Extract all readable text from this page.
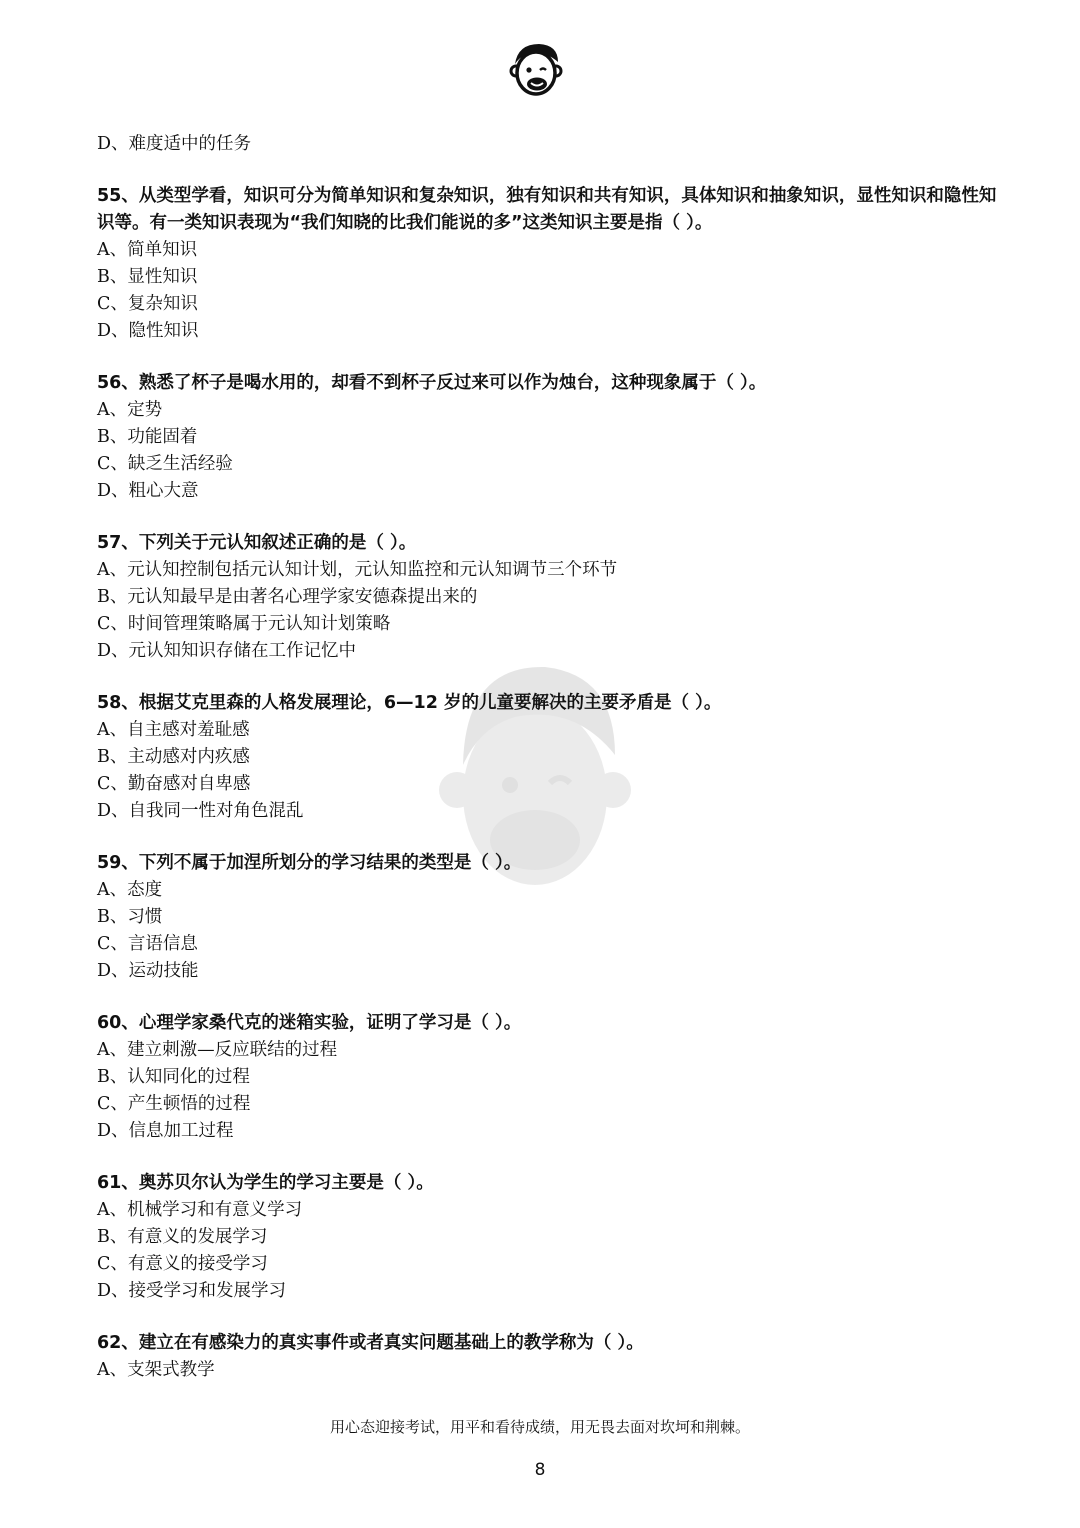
D、难度适中的任务
55、从类型学看，知识可分为简单知识和复杂知识，独有知识和共有知识，具体知识和抽象知识，显性知识和隐性知识等。有一类知识表现为“我们知晓的比我们能说的多”这类知识主要是指（ ）。
A、简单知识
B、显性知识
C、复杂知识
D、隐性知识
56、熟悉了杯子是喝水用的，却看不到杯子反过来可以作为烛台，这种现象属于（ ）。
A、定势
B、功能固着
C、缺乏生活经验
D、粗心大意
57、下列关于元认知叙述正确的是（ ）。
A、元认知控制包括元认知计划，元认知监控和元认知调节三个环节
B、元认知最早是由著名心理学家安德森提出来的
C、时间管理策略属于元认知计划策略
D、元认知知识存储在工作记忆中
58、根据艾克里森的人格发展理论，6—12 岁的儿童要解决的主要矛盾是（ ）。
A、自主感对羞耻感
B、主动感对内疚感
C、勤奋感对自卑感
D、自我同一性对角色混乱
59、下列不属于加涅所划分的学习结果的类型是（ ）。
A、态度
B、习惯
C、言语信息
D、运动技能
60、心理学家桑代克的迷箱实验，证明了学习是（ ）。
A、建立刺激—反应联结的过程
B、认知同化的过程
C、产生顿悟的过程
D、信息加工过程
61、奥苏贝尔认为学生的学习主要是（ ）。
A、机械学习和有意义学习
B、有意义的发展学习
C、有意义的接受学习
D、接受学习和发展学习
62、建立在有感染力的真实事件或者真实问题基础上的教学称为（ ）。
A、支架式教学
用心态迎接考试，用平和看待成绩，用无畏去面对坎坷和荆棘。
8
